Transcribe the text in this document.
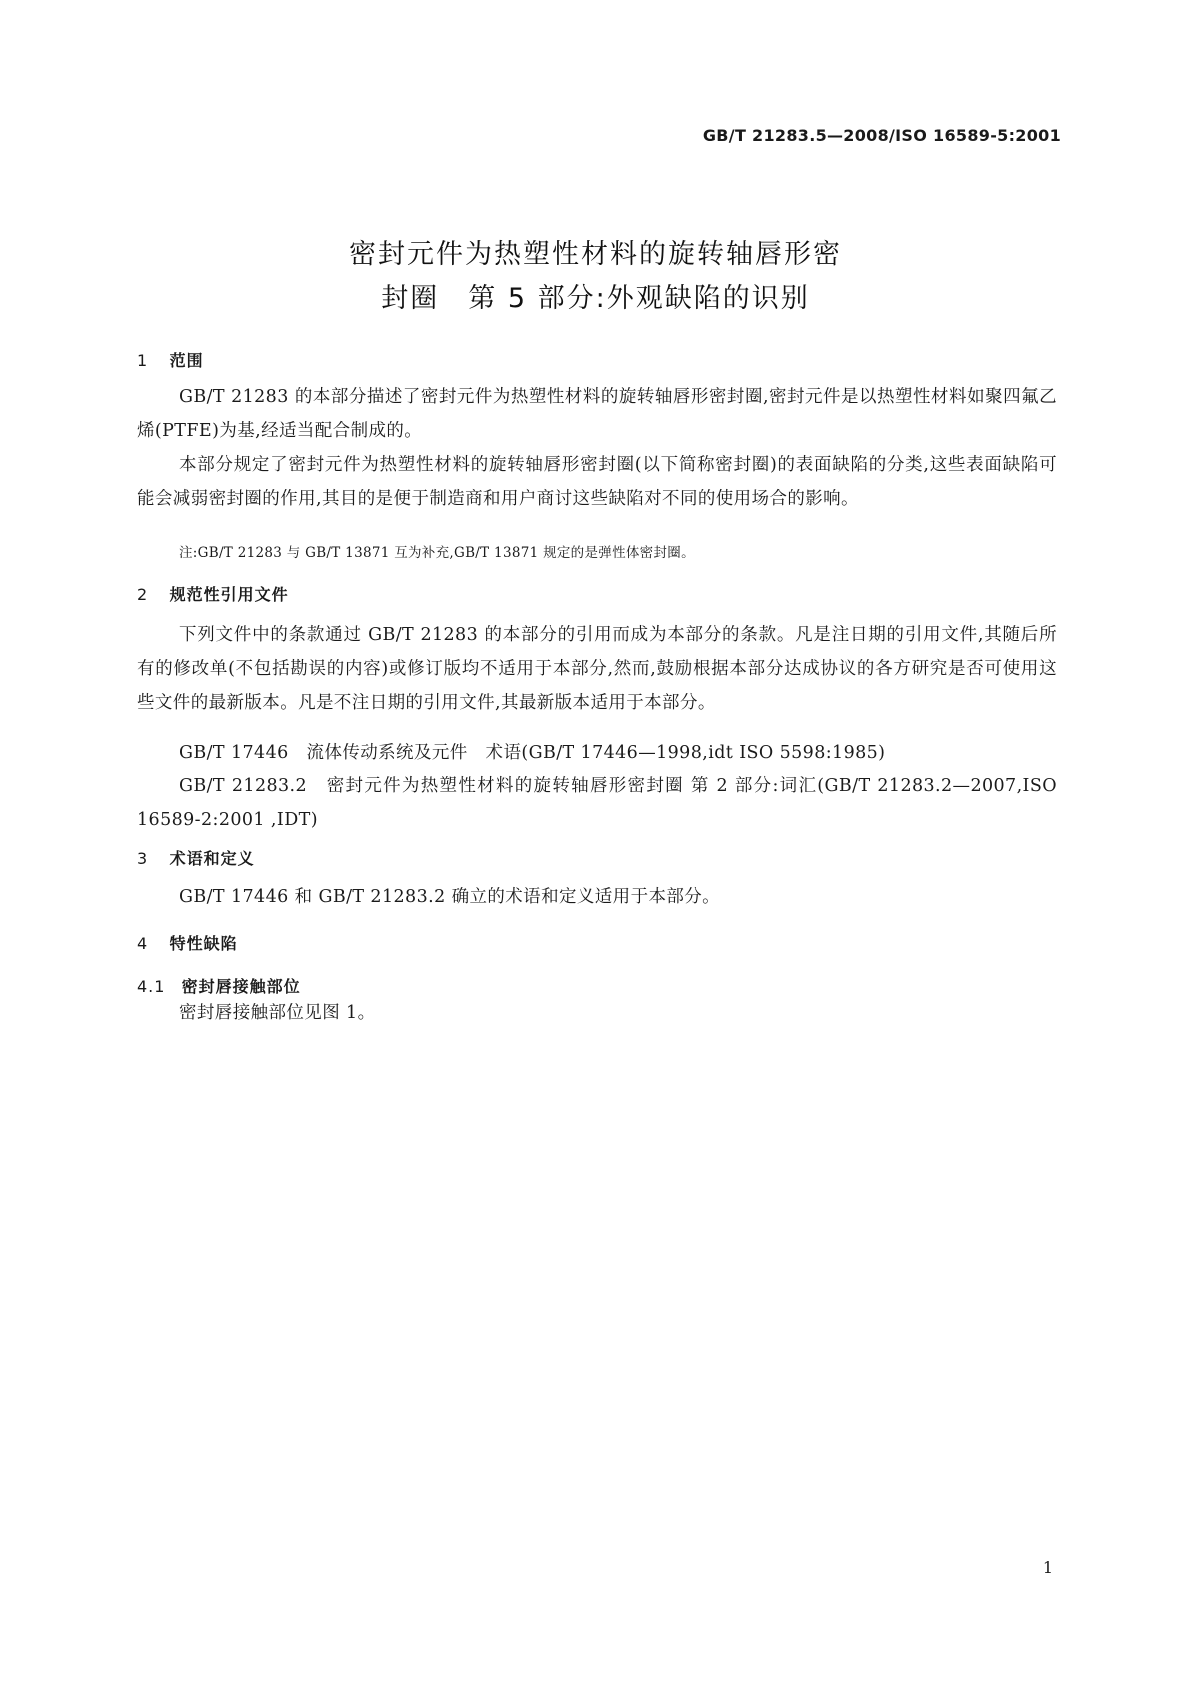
GB/T 21283.5—2008/ISO 16589-5:2001
密封元件为热塑性材料的旋转轴唇形密
封圈　第 5 部分:外观缺陷的识别
1 范围

GB/T 21283 的本部分描述了密封元件为热塑性材料的旋转轴唇形密封圈,密封元件是以热塑性材料如聚四氟乙烯(PTFE)为基,经适当配合制成的。

本部分规定了密封元件为热塑性材料的旋转轴唇形密封圈(以下简称密封圈)的表面缺陷的分类,这些表面缺陷可能会减弱密封圈的作用,其目的是便于制造商和用户商讨这些缺陷对不同的使用场合的影响。

注:GB/T 21283 与 GB/T 13871 互为补充,GB/T 13871 规定的是弹性体密封圈。
2 规范性引用文件

下列文件中的条款通过 GB/T 21283 的本部分的引用而成为本部分的条款。凡是注日期的引用文件,其随后所有的修改单(不包括勘误的内容)或修订版均不适用于本部分,然而,鼓励根据本部分达成协议的各方研究是否可使用这些文件的最新版本。凡是不注日期的引用文件,其最新版本适用于本部分。

GB/T 17446　流体传动系统及元件　术语(GB/T 17446—1998,idt ISO 5598:1985)

GB/T 21283.2　密封元件为热塑性材料的旋转轴唇形密封圈 第 2 部分:词汇(GB/T 21283.2—2007,ISO 16589-2:2001 ,IDT)

3 术语和定义

GB/T 17446 和 GB/T 21283.2 确立的术语和定义适用于本部分。

4 特性缺陷
4.1 密封唇接触部位

密封唇接触部位见图 1。

1
